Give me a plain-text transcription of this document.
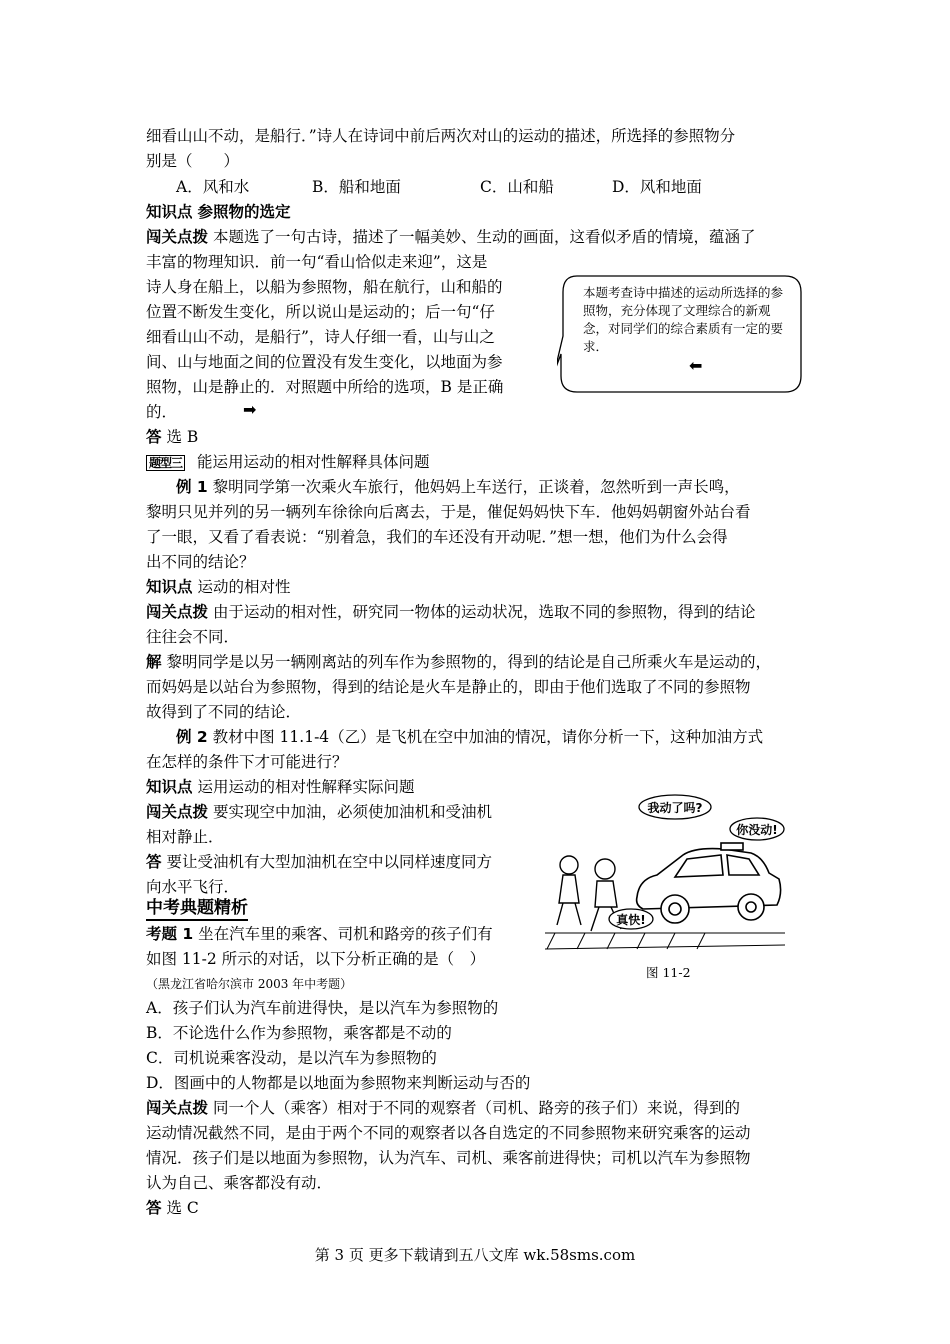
细看山山不动，是船行．”诗人在诗词中前后两次对山的运动的描述，所选择的参照物分
别是（　　）
A．风和水	B．船和地面	C．山和船	D．风和地面
知识点 参照物的选定
闯关点拨 本题选了一句古诗，描述了一幅美妙、生动的画面，这看似矛盾的情境，蕴涵了
丰富的物理知识．前一句“看山恰似走来迎”，这是
诗人身在船上，以船为参照物，船在航行，山和船的
位置不断发生变化，所以说山是运动的；后一句“仔
细看山山不动，是船行”，诗人仔细一看，山与山之
间、山与地面之间的位置没有发生变化，以地面为参
照物，山是静止的．对照题中所给的选项，B 是正确
的．	➡
本题考查诗中描述的运动所选择的参照物，充分体现了文理综合的新观念，对同学们的综合素质有一定的要求．
⬅
答 选 B
题型三 能运用运动的相对性解释具体问题
例 1 黎明同学第一次乘火车旅行，他妈妈上车送行，正谈着，忽然听到一声长鸣，
黎明只见并列的另一辆列车徐徐向后离去，于是，催促妈妈快下车．他妈妈朝窗外站台看
了一眼，又看了看表说：“别着急，我们的车还没有开动呢．”想一想，他们为什么会得
出不同的结论？
知识点 运动的相对性
闯关点拨 由于运动的相对性，研究同一物体的运动状况，选取不同的参照物，得到的结论
往往会不同．
解 黎明同学是以另一辆刚离站的列车作为参照物的，得到的结论是自己所乘火车是运动的，
而妈妈是以站台为参照物，得到的结论是火车是静止的，即由于他们选取了不同的参照物
故得到了不同的结论．
例 2 教材中图 11.1-4（乙）是飞机在空中加油的情况，请你分析一下，这种加油方式
在怎样的条件下才可能进行？
知识点 运用运动的相对性解释实际问题
闯关点拨 要实现空中加油，必须使加油机和受油机
相对静止．
答 要让受油机有大型加油机在空中以同样速度同方
向水平飞行．
我动了吗?
你没动!
真快!
图 11-2
中考典题精析
考题 1 坐在汽车里的乘客、司机和路旁的孩子们有
如图 11-2 所示的对话，以下分析正确的是（　）
（黑龙江省哈尔滨市 2003 年中考题）
A．孩子们认为汽车前进得快，是以汽车为参照物的
B．不论选什么作为参照物，乘客都是不动的
C．司机说乘客没动，是以汽车为参照物的
D．图画中的人物都是以地面为参照物来判断运动与否的
闯关点拨 同一个人（乘客）相对于不同的观察者（司机、路旁的孩子们）来说，得到的
运动情况截然不同，是由于两个不同的观察者以各自选定的不同参照物来研究乘客的运动
情况．孩子们是以地面为参照物，认为汽车、司机、乘客前进得快；司机以汽车为参照物
认为自己、乘客都没有动．
答 选 C
第 3 页 更多下载请到五八文库 wk.58sms.com
